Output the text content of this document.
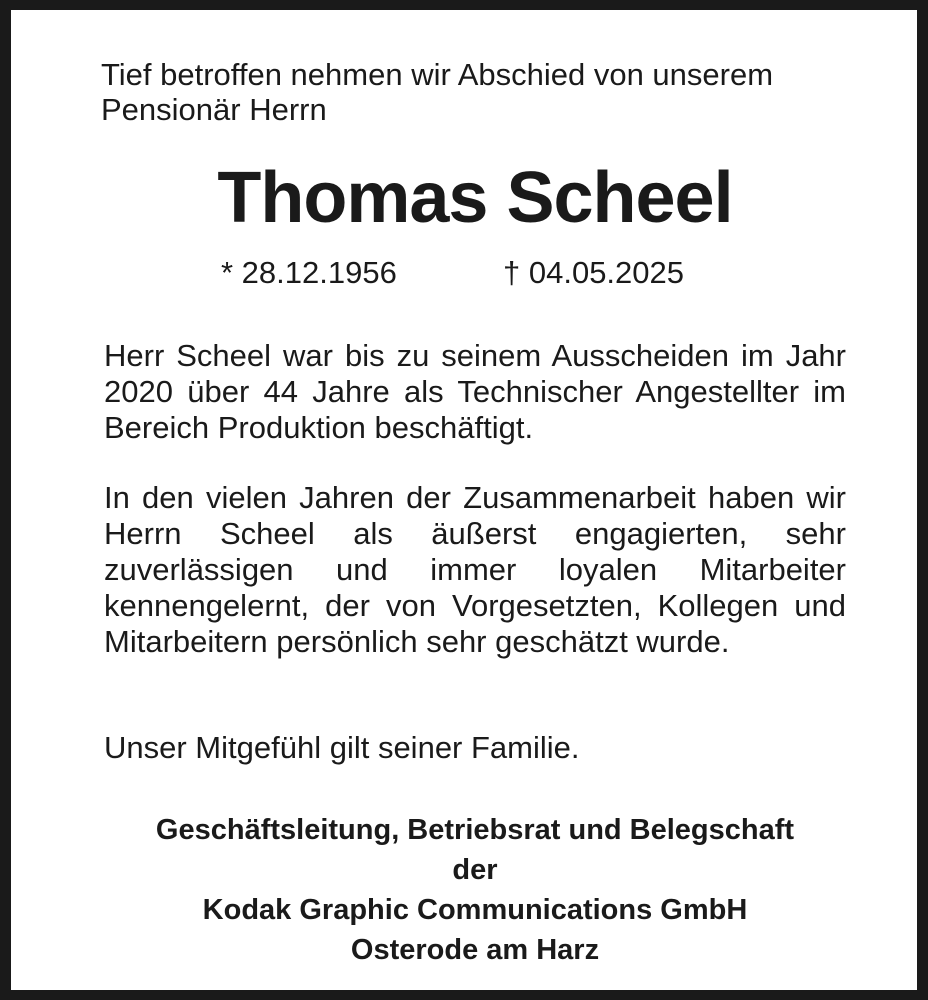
Tief betroffen nehmen wir Abschied von unserem
Pensionär Herrn

Thomas Scheel
* 28.12.1956	† 04.05.2025

Herr Scheel war bis zu seinem Ausscheiden im Jahr 2020 über 44 Jahre als Technischer Angestellter im Bereich Produktion beschäftigt.

In den vielen Jahren der Zusammenarbeit haben wir Herrn Scheel als äußerst engagierten, sehr zuverlässigen und immer loyalen Mitarbeiter kennengelernt, der von Vorgesetzten, Kollegen und Mitarbeitern persönlich sehr geschätzt wurde.

Unser Mitgefühl gilt seiner Familie.

Geschäftsleitung, Betriebsrat und Belegschaft
der
Kodak Graphic Communications GmbH
Osterode am Harz
